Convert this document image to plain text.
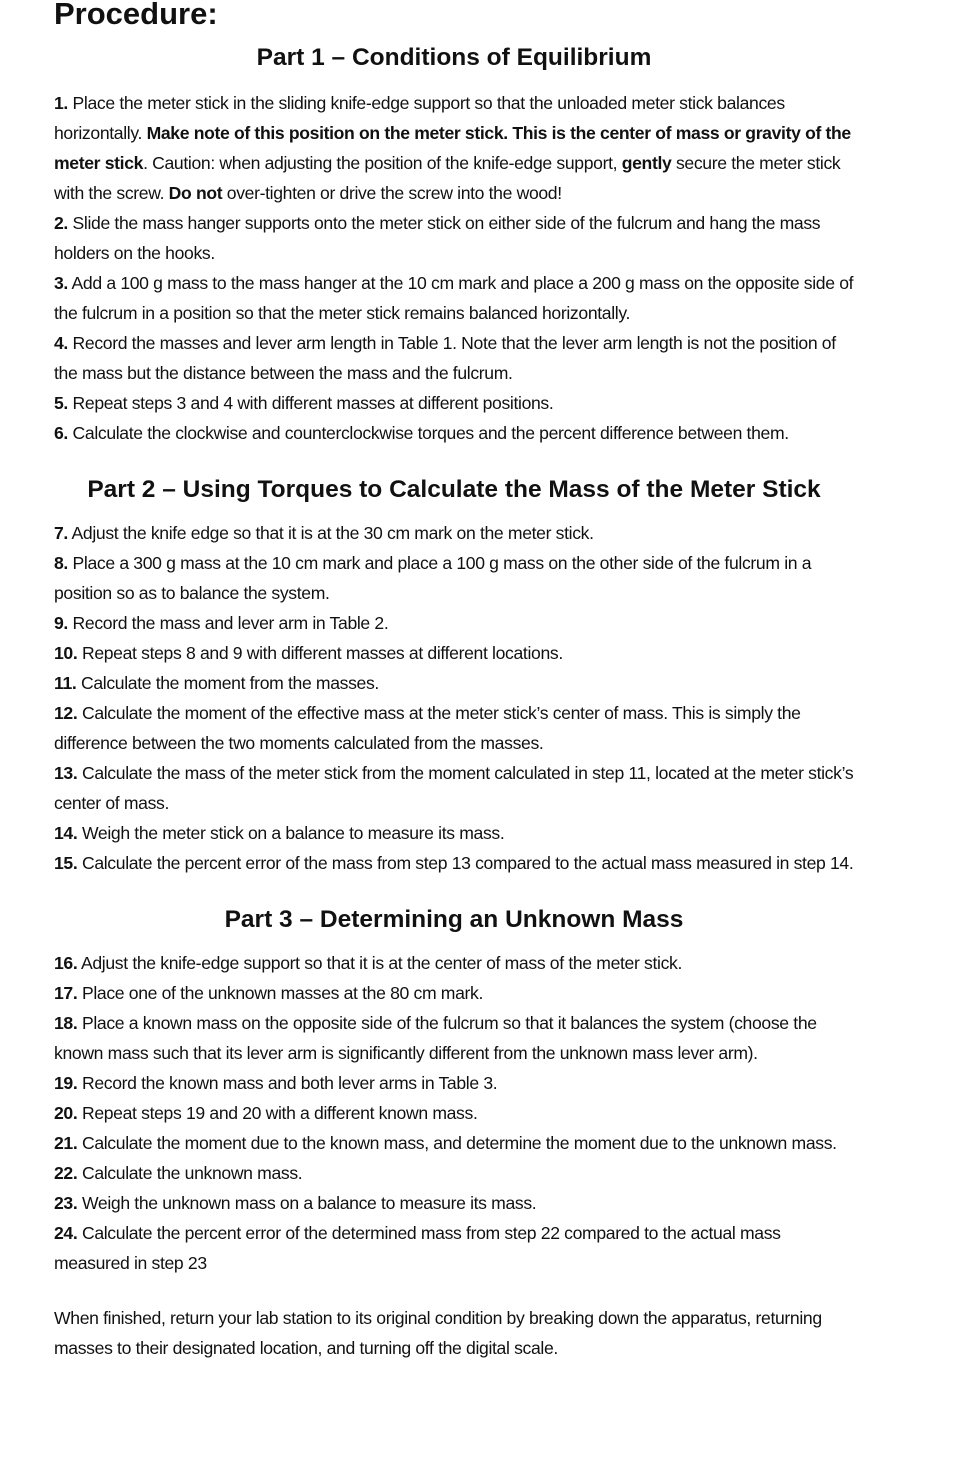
Procedure:
Part 1 – Conditions of Equilibrium

1. Place the meter stick in the sliding knife-edge support so that the unloaded meter stick balances horizontally. Make note of this position on the meter stick. This is the center of mass or gravity of the meter stick. Caution: when adjusting the position of the knife-edge support, gently secure the meter stick with the screw. Do not over-tighten or drive the screw into the wood!

2. Slide the mass hanger supports onto the meter stick on either side of the fulcrum and hang the mass holders on the hooks.

3. Add a 100 g mass to the mass hanger at the 10 cm mark and place a 200 g mass on the opposite side of the fulcrum in a position so that the meter stick remains balanced horizontally.

4. Record the masses and lever arm length in Table 1. Note that the lever arm length is not the position of the mass but the distance between the mass and the fulcrum.

5. Repeat steps 3 and 4 with different masses at different positions.

6. Calculate the clockwise and counterclockwise torques and the percent difference between them.

Part 2 – Using Torques to Calculate the Mass of the Meter Stick

7. Adjust the knife edge so that it is at the 30 cm mark on the meter stick.

8. Place a 300 g mass at the 10 cm mark and place a 100 g mass on the other side of the fulcrum in a position so as to balance the system.

9. Record the mass and lever arm in Table 2.

10. Repeat steps 8 and 9 with different masses at different locations.

11. Calculate the moment from the masses.

12. Calculate the moment of the effective mass at the meter stick’s center of mass. This is simply the difference between the two moments calculated from the masses.

13. Calculate the mass of the meter stick from the moment calculated in step 11, located at the meter stick’s center of mass.

14. Weigh the meter stick on a balance to measure its mass.

15. Calculate the percent error of the mass from step 13 compared to the actual mass measured in step 14.

Part 3 – Determining an Unknown Mass

16. Adjust the knife-edge support so that it is at the center of mass of the meter stick.

17. Place one of the unknown masses at the 80 cm mark.

18. Place a known mass on the opposite side of the fulcrum so that it balances the system (choose the known mass such that its lever arm is significantly different from the unknown mass lever arm).

19. Record the known mass and both lever arms in Table 3.

20. Repeat steps 19 and 20 with a different known mass.

21. Calculate the moment due to the known mass, and determine the moment due to the unknown mass.

22. Calculate the unknown mass.

23. Weigh the unknown mass on a balance to measure its mass.

24. Calculate the percent error of the determined mass from step 22 compared to the actual mass measured in step 23

When finished, return your lab station to its original condition by breaking down the apparatus, returning masses to their designated location, and turning off the digital scale.
